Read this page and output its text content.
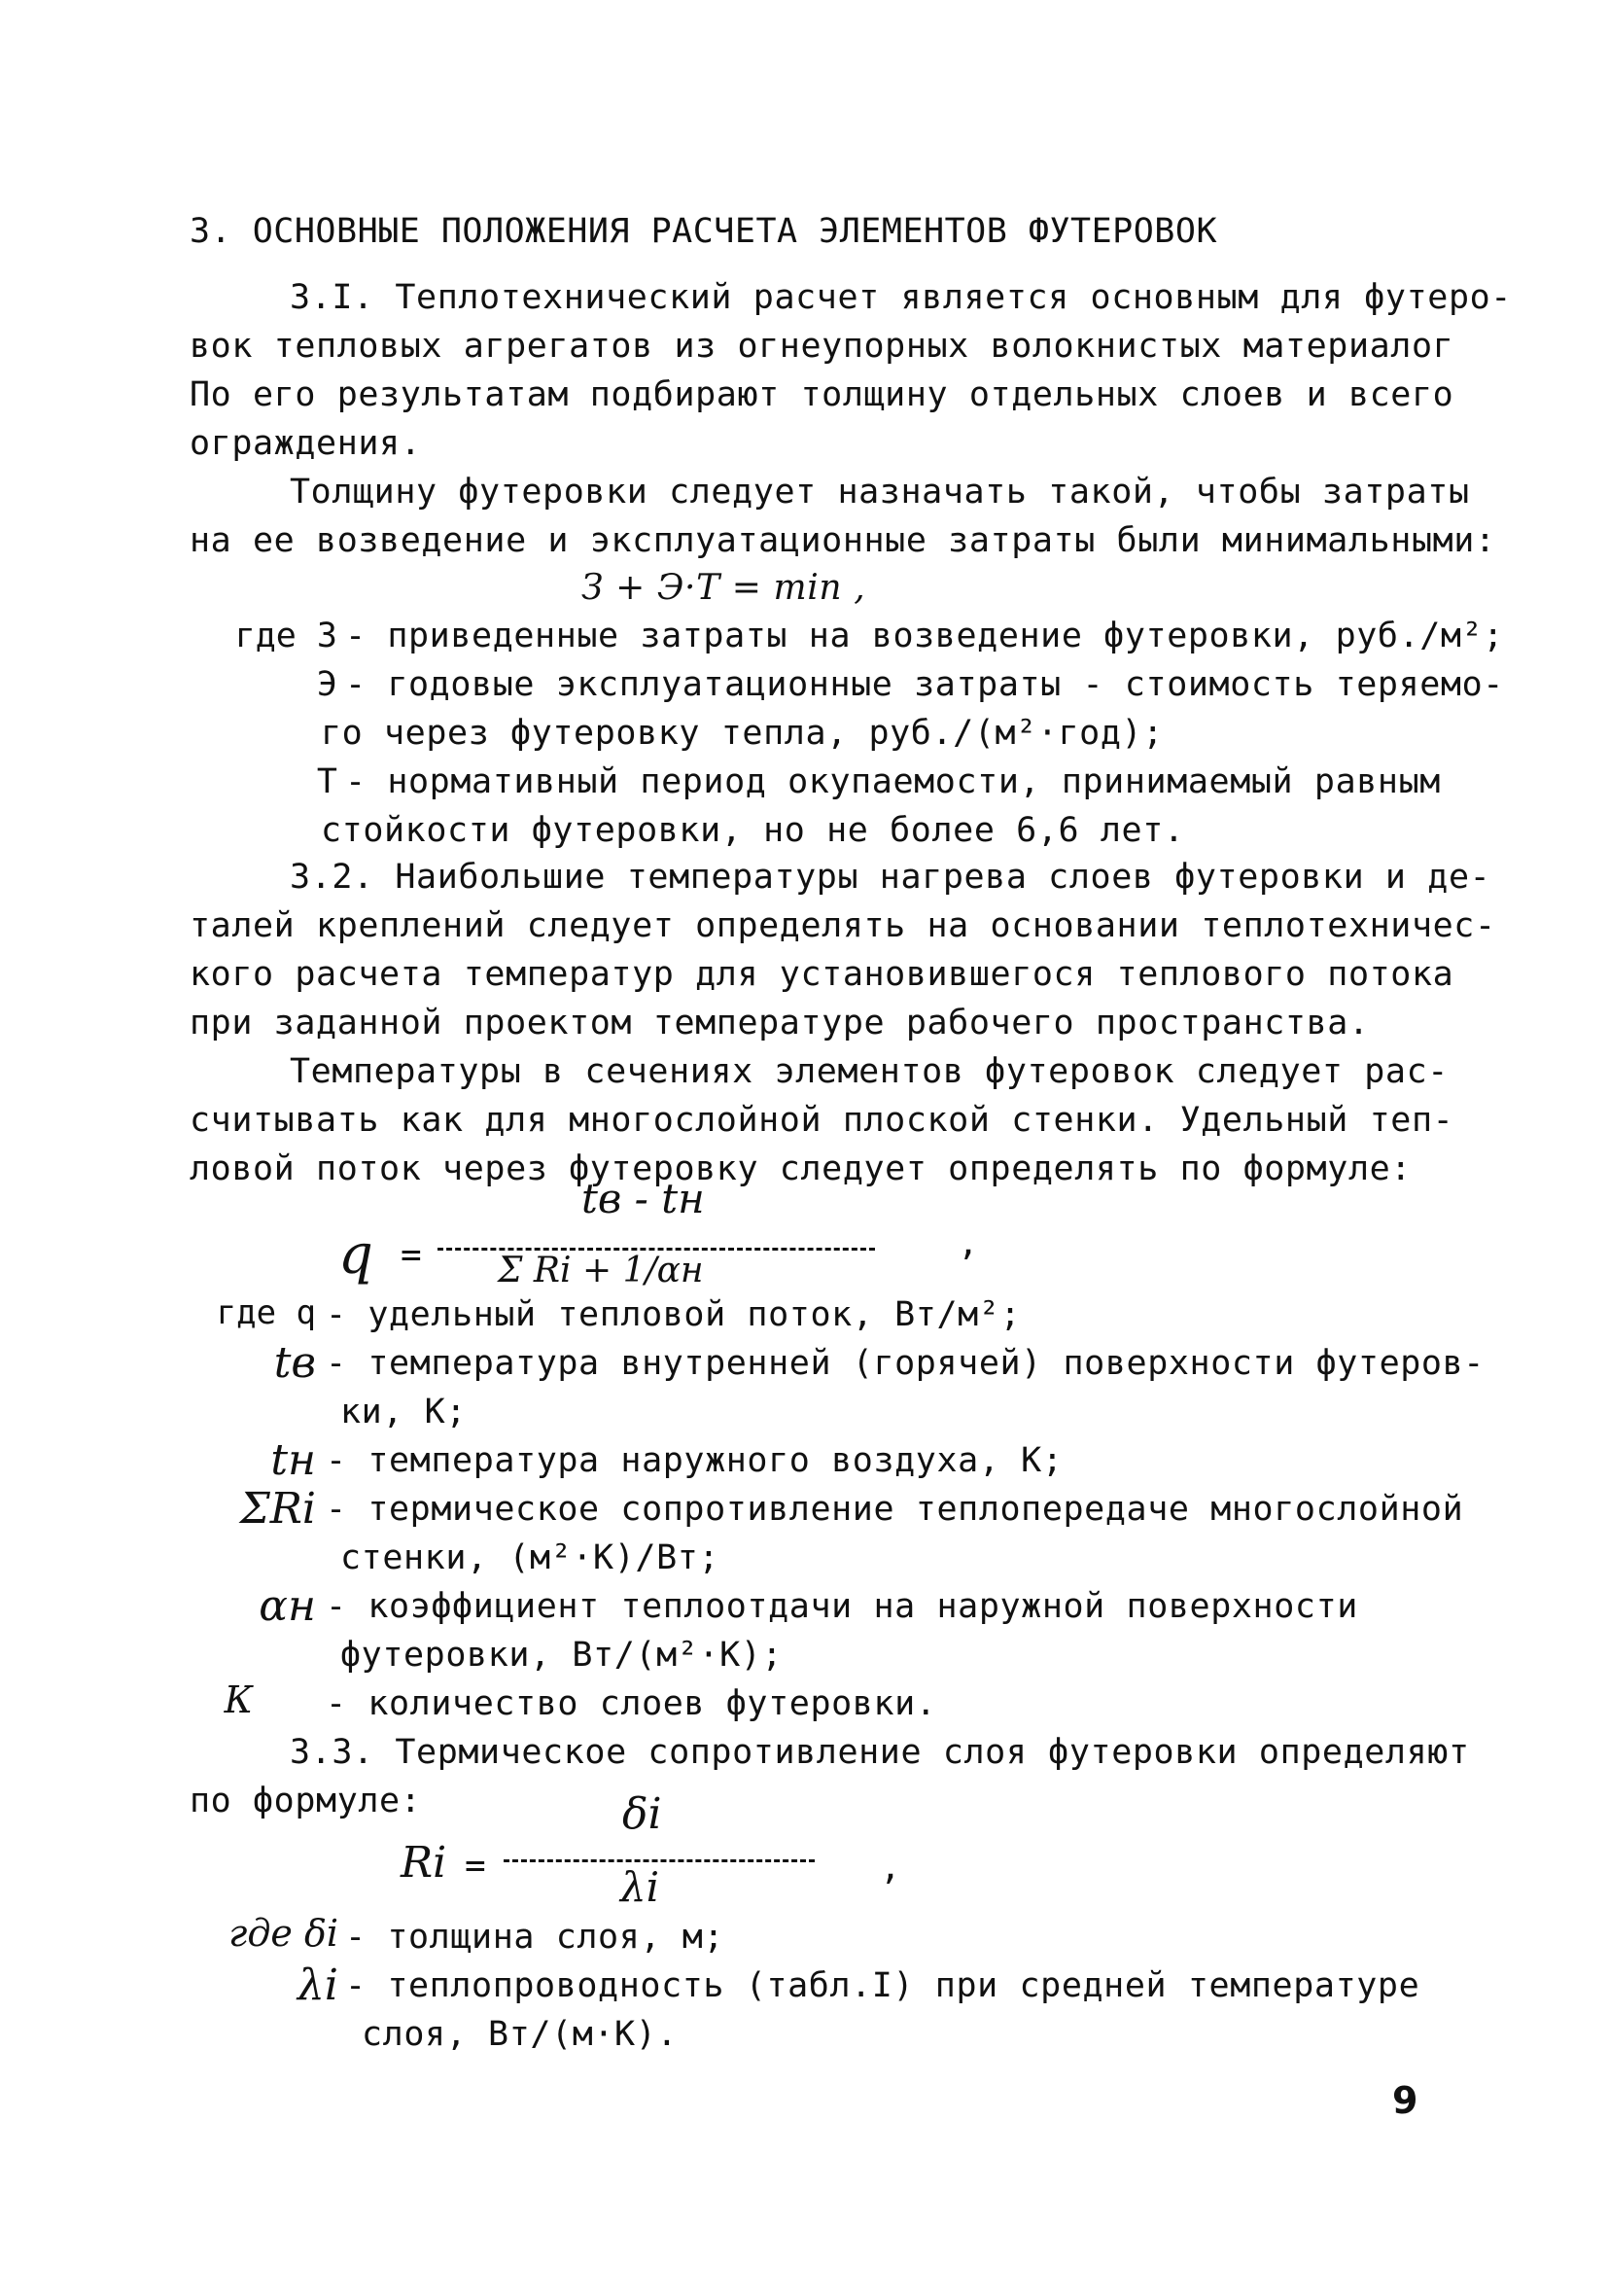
3. ОСНОВНЫЕ ПОЛОЖЕНИЯ РАСЧЕТА ЭЛЕМЕНТОВ ФУТЕРОВОК
3.I. Теплотехнический расчет является основным для футеро-
вок тепловых агрегатов из огнеупорных волокнистых материалог
По его результатам подбирают толщину отдельных слоев и всего
ограждения.
Толщину футеровки следует назначать такой, чтобы затраты
на ее возведение и эксплуатационные затраты были минимальными:
З + Э·Т = min ,
где З - приведенные затраты на возведение футеровки, руб./м²;
Э - годовые эксплуатационные затраты - стоимость теряемо-
го через футеровку тепла, руб./(м²·год);
Т - нормативный период окупаемости, принимаемый равным
стойкости футеровки, но не более 6,6 лет.
3.2. Наибольшие температуры нагрева слоев футеровки и де-
талей креплений следует определять на основании теплотехничес-
кого расчета температур для установившегося теплового потока
при заданной проектом температуре рабочего пространства.
Температуры в сечениях элементов футеровок следует рас-
считывать как для многослойной плоской стенки. Удельный теп-
ловой поток через футеровку следует определять по формуле:
q =
tв - tн
Σ Ri + 1/αн
,
где q - удельный тепловой поток, Вт/м²;
tв - температура внутренней (горячей) поверхности футеров-
ки, К;
tн - температура наружного воздуха, К;
ΣRi - термическое сопротивление теплопередаче многослойной
стенки, (м²·К)/Вт;
αн - коэффициент теплоотдачи на наружной поверхности
футеровки, Вт/(м²·К);
К - количество слоев футеровки.
3.3. Термическое сопротивление слоя футеровки определяют
по формуле:
Ri =
δi
λi	,
где δi - толщина слоя, м;
λi - теплопроводность (табл.I) при средней температуре
слоя, Вт/(м·К).
9
